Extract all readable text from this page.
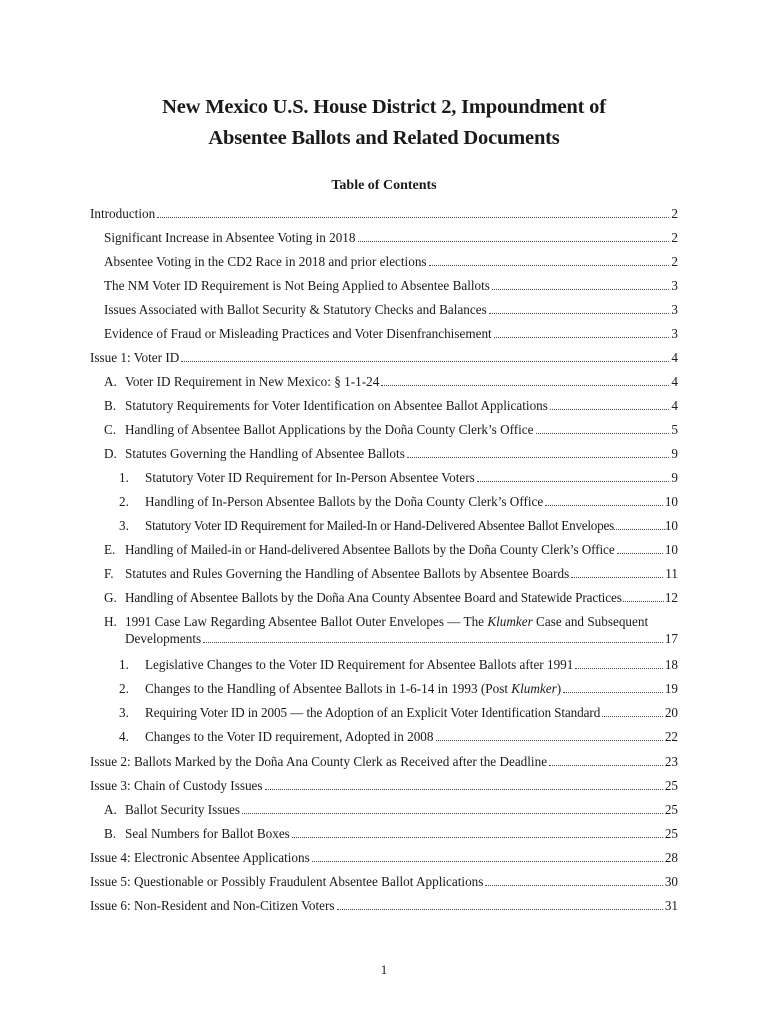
New Mexico U.S. House District 2, Impoundment of
Absentee Ballots and Related Documents
Table of Contents
Introduction	2
Significant Increase in Absentee Voting in 2018	2
Absentee Voting in the CD2 Race in 2018 and prior elections	2
The NM Voter ID Requirement is Not Being Applied to Absentee Ballots	3
Issues Associated with Ballot Security & Statutory Checks and Balances	3
Evidence of Fraud or Misleading Practices and Voter Disenfranchisement	3
Issue 1: Voter ID	4
A. Voter ID Requirement in New Mexico: § 1-1-24	4
B. Statutory Requirements for Voter Identification on Absentee Ballot Applications	4
C. Handling of Absentee Ballot Applications by the Doña County Clerk’s Office	5
D. Statutes Governing the Handling of Absentee Ballots	9
1.	Statutory Voter ID Requirement for In-Person Absentee Voters	9
2.	Handling of In-Person Absentee Ballots by the Doña County Clerk’s Office	10
3.	Statutory Voter ID Requirement for Mailed-In or Hand-Delivered Absentee Ballot Envelopes	10
E. Handling of Mailed-in or Hand-delivered Absentee Ballots by the Doña County Clerk’s Office	10
F. Statutes and Rules Governing the Handling of Absentee Ballots by Absentee Boards	11
G. Handling of Absentee Ballots by the Doña Ana County Absentee Board and Statewide Practices	12
H. 1991 Case Law Regarding Absentee Ballot Outer Envelopes — The Klumker Case and Subsequent
Developments	17
1.	Legislative Changes to the Voter ID Requirement for Absentee Ballots after 1991	18
2.	Changes to the Handling of Absentee Ballots in 1-6-14 in 1993 (Post Klumker )	19
3.	Requiring Voter ID in 2005 — the Adoption of an Explicit Voter Identification Standard	20
4.	Changes to the Voter ID requirement, Adopted in 2008	22
Issue 2: Ballots Marked by the Doña Ana County Clerk as Received after the Deadline	23
Issue 3: Chain of Custody Issues	25
A. Ballot Security Issues	25
B. Seal Numbers for Ballot Boxes	25
Issue 4: Electronic Absentee Applications	28
Issue 5: Questionable or Possibly Fraudulent Absentee Ballot Applications	30
Issue 6: Non-Resident and Non-Citizen Voters	31
1
